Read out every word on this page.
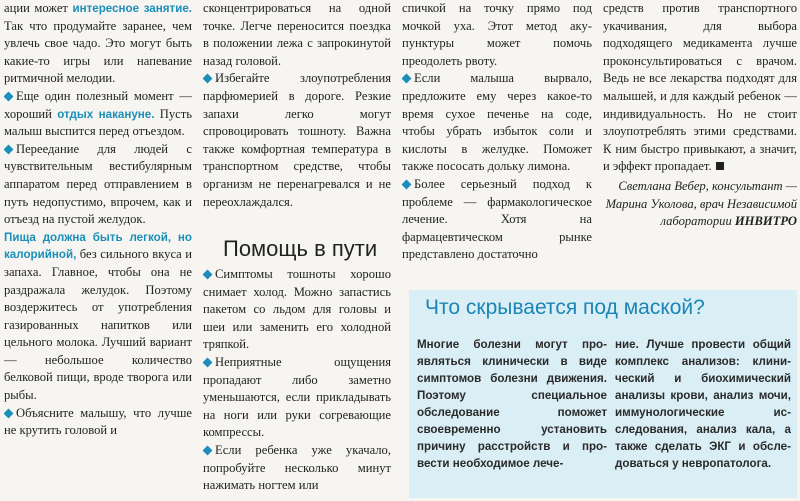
ации может интересное занятие. Так что продумайте заранее, чем увлечь свое чадо. Это могут быть какие-то игры или напевание ритмичной мелодии.

Еще один полезный момент — хороший отдых накануне. Пусть малыш выспится перед отъездом.

Переедание для людей с чувствительным вестибулярным аппаратом перед отправлением в путь недопустимо, впрочем, как и отъезд на пустой желудок.

Пища должна быть легкой, но калорийной, без сильного вкуса и запаха. Главное, чтобы она не раздражала желудок. Поэтому воздержитесь от употребления газированных напитков или цельного молока. Лучший вариант — небольшое количество белковой пищи, вроде творога или рыбы.

Объясните малышу, что лучше не крутить головой и

сконцентрироваться на одной точке. Легче переносится поездка в положении лежа с запрокинутой назад головой.

Избегайте злоупотребления парфюмерией в дороге. Резкие запахи легко могут спровоцировать тошноту. Важна также комфортная температура в транспортном средстве, чтобы организм не перенагревался и не переохлаждался.

Помощь в пути

Симптомы тошноты хорошо снимает холод. Можно запастись пакетом со льдом для головы и шеи или заменить его холодной тряпкой.

Неприятные ощущения пропадают либо заметно уменьшаются, если прикладывать на ноги или руки согревающие компрессы.

Если ребенка уже укачало, попробуйте несколько минут нажимать ногтем или

спичкой на точку прямо под мочкой уха. Этот метод акупунктуры может помочь преодолеть рвоту.

Если малыша вырвало, предложите ему через какое-то время сухое печенье на соде, чтобы убрать избыток соли и кислоты в желудке. Поможет также пососать дольку лимона.

Более серьезный подход к проблеме — фармакологическое лечение. Хотя на фармацевтическом рынке представлено достаточно

средств против транспортного укачивания, для выбора подходящего медикамента лучше проконсультироваться с врачом. Ведь не все лекарства подходят для малышей, и для каждый ребенок — индивидуальность. Но не стоит злоупотреблять этими средствами. К ним быстро привыкают, а значит, и эффект пропадает.

Светлана Вебер, консультант — Марина Уколова, врач Независимой лаборатории ИНВИТРО

Что скрывается под маской?
Многие болезни могут проявляться клинически в виде симптомов болезни движения. Поэтому специальное обследование поможет своевременно установить причину расстройств и провести необходимое лече-
ние. Лучше провести общий комплекс анализов: клинический и биохимический анализы крови, анализ мочи, иммунологические исследования, анализ кала, а также сделать ЭКГ и обследоваться у невропатолога.
